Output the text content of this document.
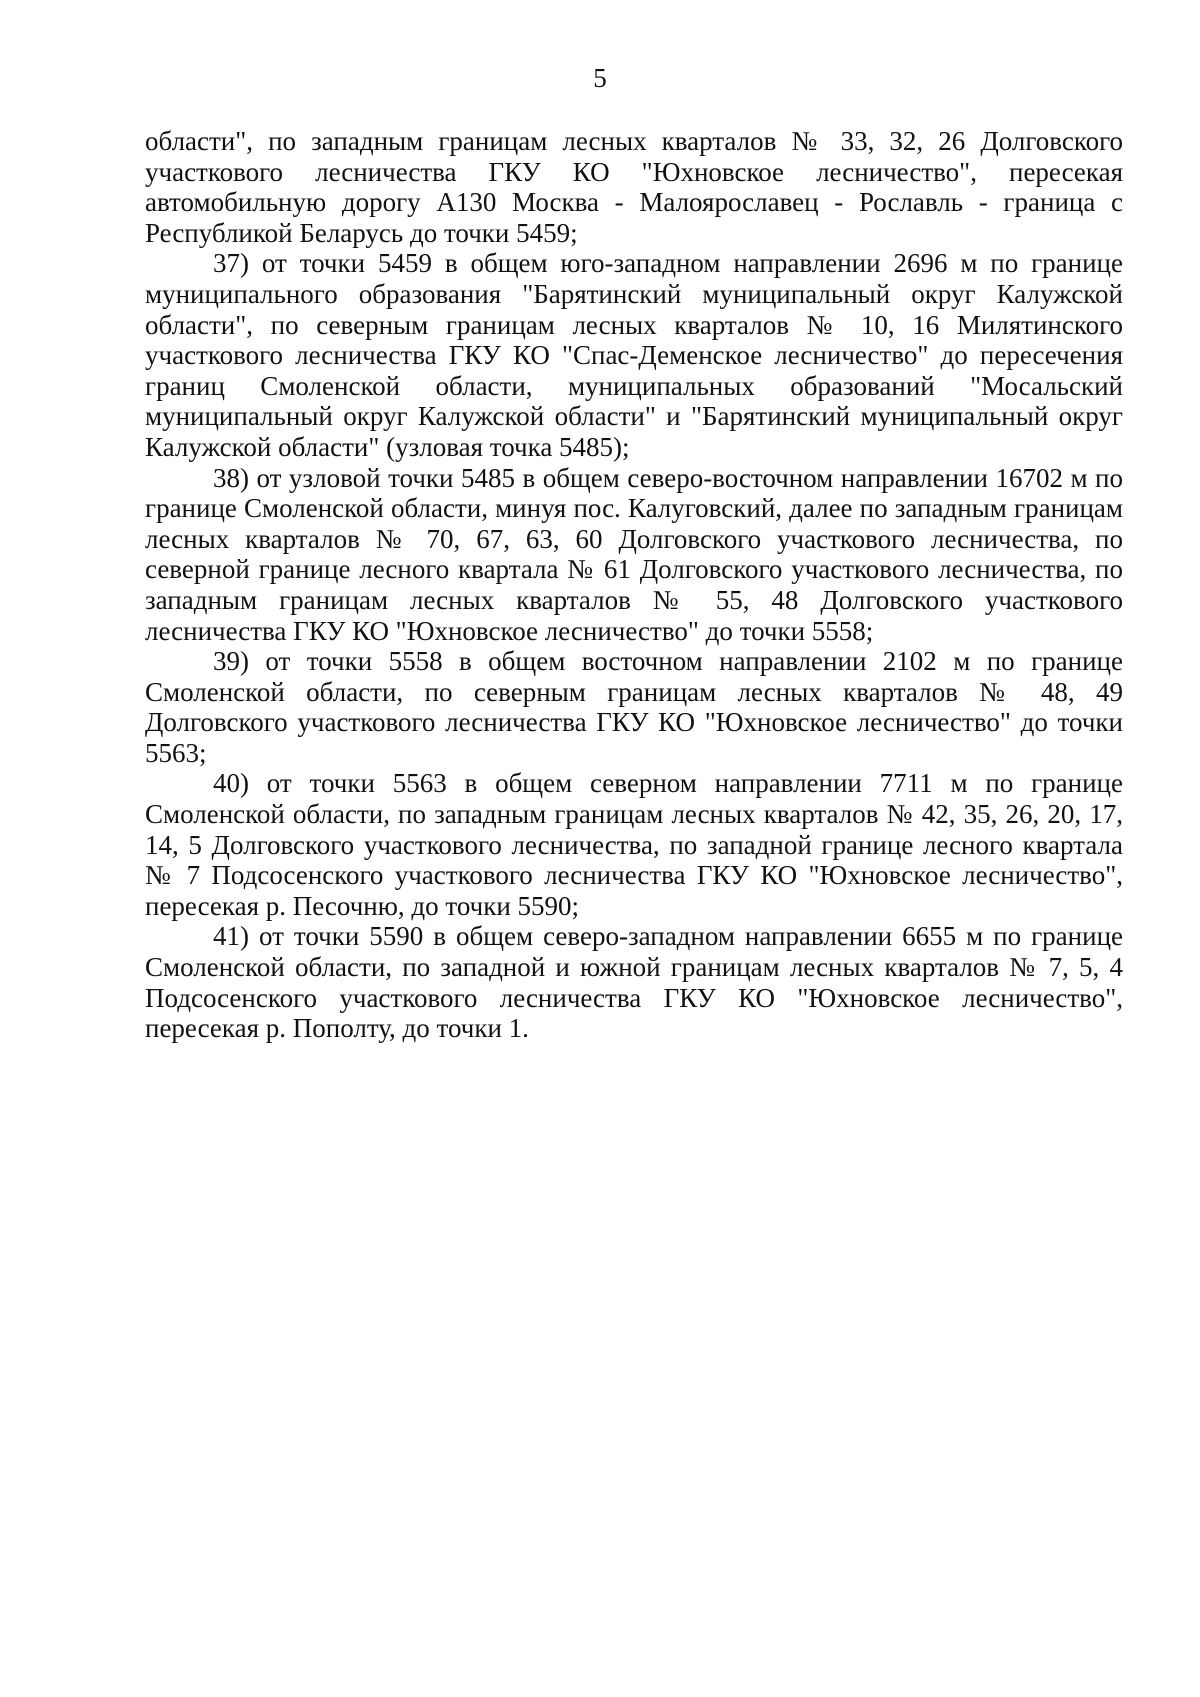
5

области", по западным границам лесных кварталов № 33, 32, 26 Долговского участкового лесничества ГКУ КО "Юхновское лесничество", пересекая автомобильную дорогу А130 Москва - Малоярославец - Рославль - граница с Республикой Беларусь до точки 5459;

37) от точки 5459 в общем юго-западном направлении 2696 м по границе муниципального образования "Барятинский муниципальный округ Калужской области", по северным границам лесных кварталов № 10, 16 Милятинского участкового лесничества ГКУ КО "Спас-Деменское лесничество" до пересечения границ Смоленской области, муниципальных образований "Мосальский муниципальный округ Калужской области" и "Барятинский муниципальный округ Калужской области" (узловая точка 5485);

38) от узловой точки 5485 в общем северо-восточном направлении 16702 м по границе Смоленской области, минуя пос. Калуговский, далее по западным границам лесных кварталов № 70, 67, 63, 60 Долговского участкового лесничества, по северной границе лесного квартала № 61 Долговского участкового лесничества, по западным границам лесных кварталов № 55, 48 Долговского участкового лесничества ГКУ КО "Юхновское лесничество" до точки 5558;

39) от точки 5558 в общем восточном направлении 2102 м по границе Смоленской области, по северным границам лесных кварталов № 48, 49 Долговского участкового лесничества ГКУ КО "Юхновское лесничество" до точки 5563;

40) от точки 5563 в общем северном направлении 7711 м по границе Смоленской области, по западным границам лесных кварталов № 42, 35, 26, 20, 17, 14, 5 Долговского участкового лесничества, по западной границе лесного квартала № 7 Подсосенского участкового лесничества ГКУ КО "Юхновское лесничество", пересекая р. Песочню, до точки 5590;

41) от точки 5590 в общем северо-западном направлении 6655 м по границе Смоленской области, по западной и южной границам лесных кварталов № 7, 5, 4 Подсосенского участкового лесничества ГКУ КО "Юхновское лесничество", пересекая р. Пополту, до точки 1.
